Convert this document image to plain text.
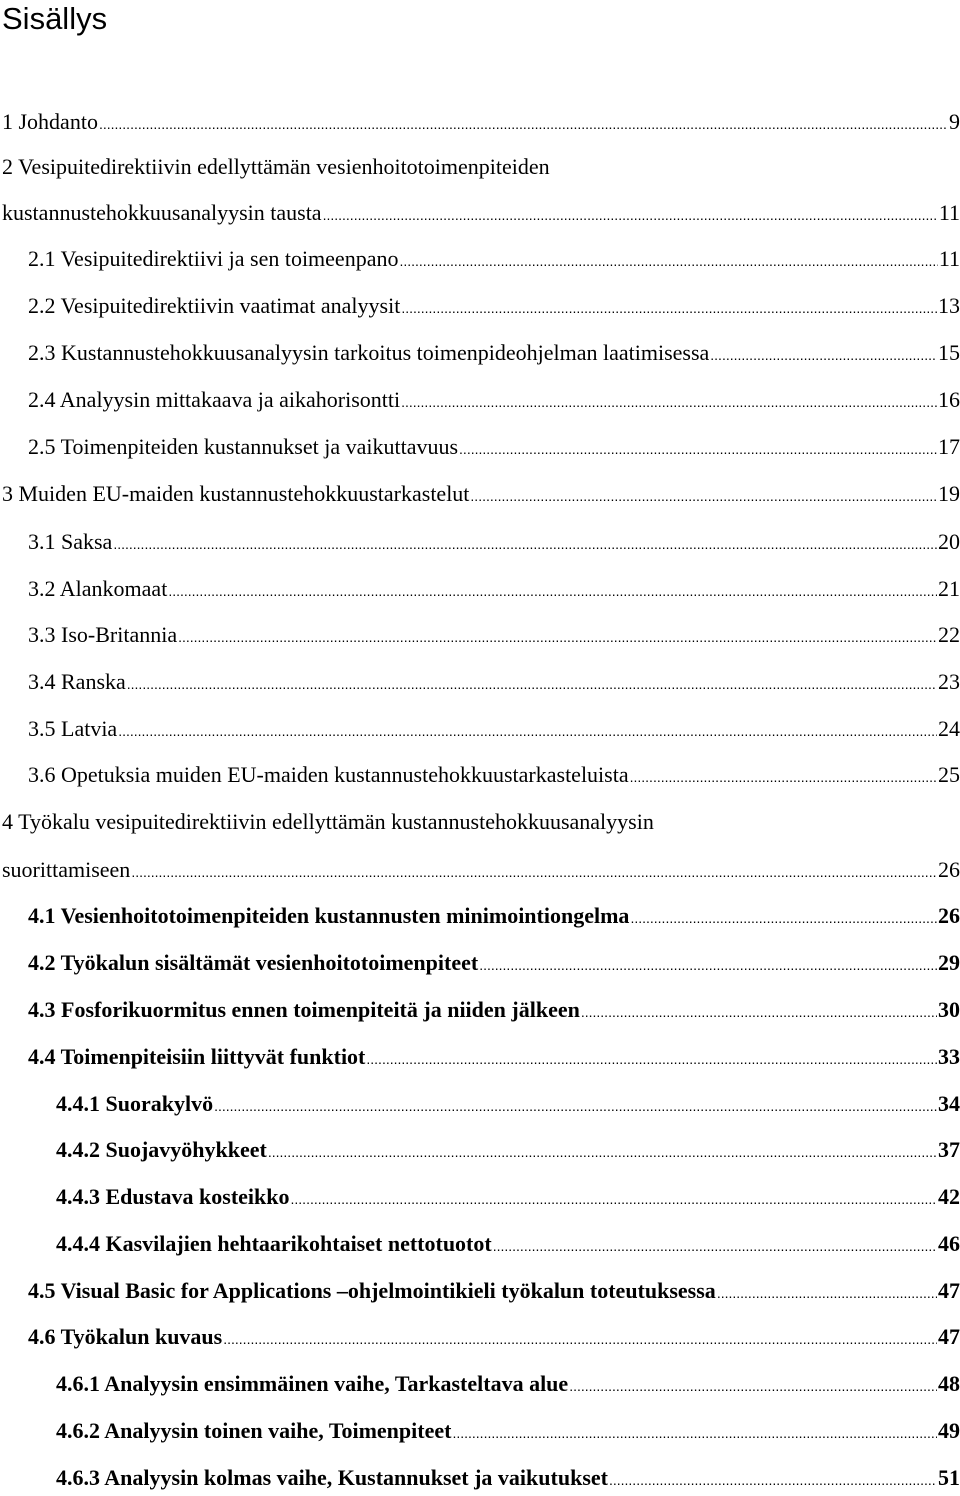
Sisällys
1 Johdanto .....	9
2 Vesipuitedirektiivin edellyttämän vesienhoitotoimenpiteiden
kustannustehokkuusanalyysin tausta .....	11
2.1 Vesipuitedirektiivi ja sen toimeenpano .....	11
2.2 Vesipuitedirektiivin vaatimat analyysit .....	13
2.3 Kustannustehokkuusanalyysin tarkoitus toimenpideohjelman laatimisessa .....	15
2.4 Analyysin mittakaava ja aikahorisontti .....	16
2.5 Toimenpiteiden kustannukset ja vaikuttavuus .....	17
3 Muiden EU-maiden kustannustehokkuustarkastelut .....	19
3.1 Saksa .....	20
3.2 Alankomaat .....	21
3.3 Iso-Britannia .....	22
3.4 Ranska .....	23
3.5 Latvia .....	24
3.6 Opetuksia muiden EU-maiden kustannustehokkuustarkasteluista .....	25
4 Työkalu vesipuitedirektiivin edellyttämän kustannustehokkuusanalyysin
suorittamiseen .....	26
4.1 Vesienhoitotoimenpiteiden kustannusten minimointiongelma .....	26
4.2 Työkalun sisältämät vesienhoitotoimenpiteet .....	29
4.3 Fosforikuormitus ennen toimenpiteitä ja niiden jälkeen .....	30
4.4 Toimenpiteisiin liittyvät funktiot .....	33
4.4.1 Suorakylvö .....	34
4.4.2 Suojavyöhykkeet .....	37
4.4.3 Edustava kosteikko .....	42
4.4.4 Kasvilajien hehtaarikohtaiset nettotuotot .....	46
4.5 Visual Basic for Applications –ohjelmointikieli työkalun toteutuksessa .....	47
4.6 Työkalun kuvaus .....	47
4.6.1 Analyysin ensimmäinen vaihe, Tarkasteltava alue .....	48
4.6.2 Analyysin toinen vaihe, Toimenpiteet .....	49
4.6.3 Analyysin kolmas vaihe, Kustannukset ja vaikutukset .....	51
